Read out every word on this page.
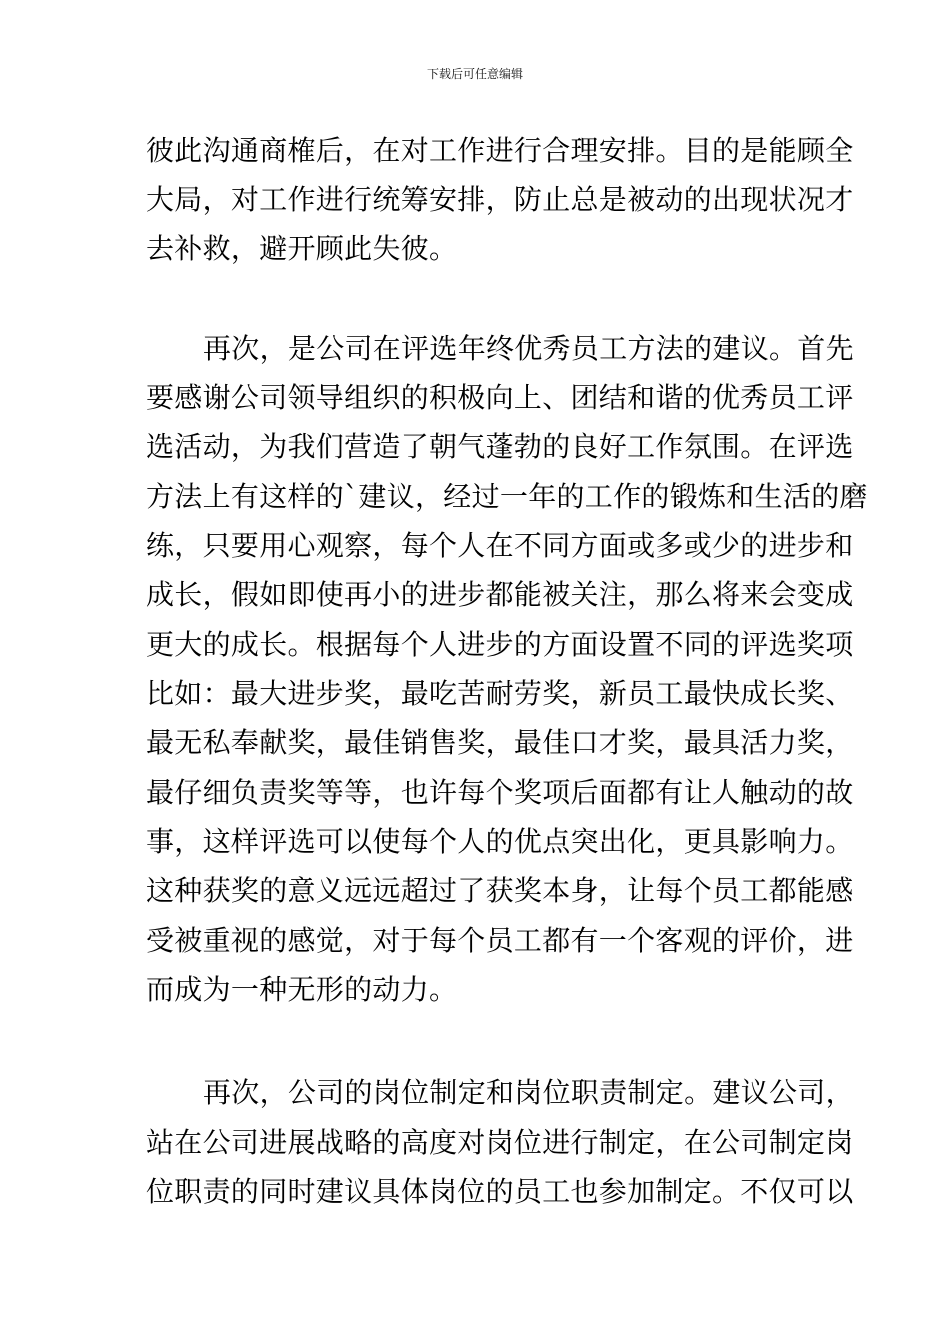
下载后可任意编辑
彼此沟通商榷后，在对工作进行合理安排。目的是能顾全
大局，对工作进行统筹安排，防止总是被动的出现状况才
去补救，避开顾此失彼。
再次，是公司在评选年终优秀员工方法的建议。首先
要感谢公司领导组织的积极向上、团结和谐的优秀员工评
选活动，为我们营造了朝气蓬勃的良好工作氛围。在评选
方法上有这样的`建议，经过一年的工作的锻炼和生活的磨
练，只要用心观察，每个人在不同方面或多或少的进步和
成长，假如即使再小的进步都能被关注，那么将来会变成
更大的成长。根据每个人进步的方面设置不同的评选奖项
比如：最大进步奖，最吃苦耐劳奖，新员工最快成长奖、
最无私奉献奖，最佳销售奖，最佳口才奖，最具活力奖，
最仔细负责奖等等，也许每个奖项后面都有让人触动的故
事，这样评选可以使每个人的优点突出化，更具影响力。
这种获奖的意义远远超过了获奖本身，让每个员工都能感
受被重视的感觉，对于每个员工都有一个客观的评价，进
而成为一种无形的动力。
再次，公司的岗位制定和岗位职责制定。建议公司，
站在公司进展战略的高度对岗位进行制定，在公司制定岗
位职责的同时建议具体岗位的员工也参加制定。不仅可以
